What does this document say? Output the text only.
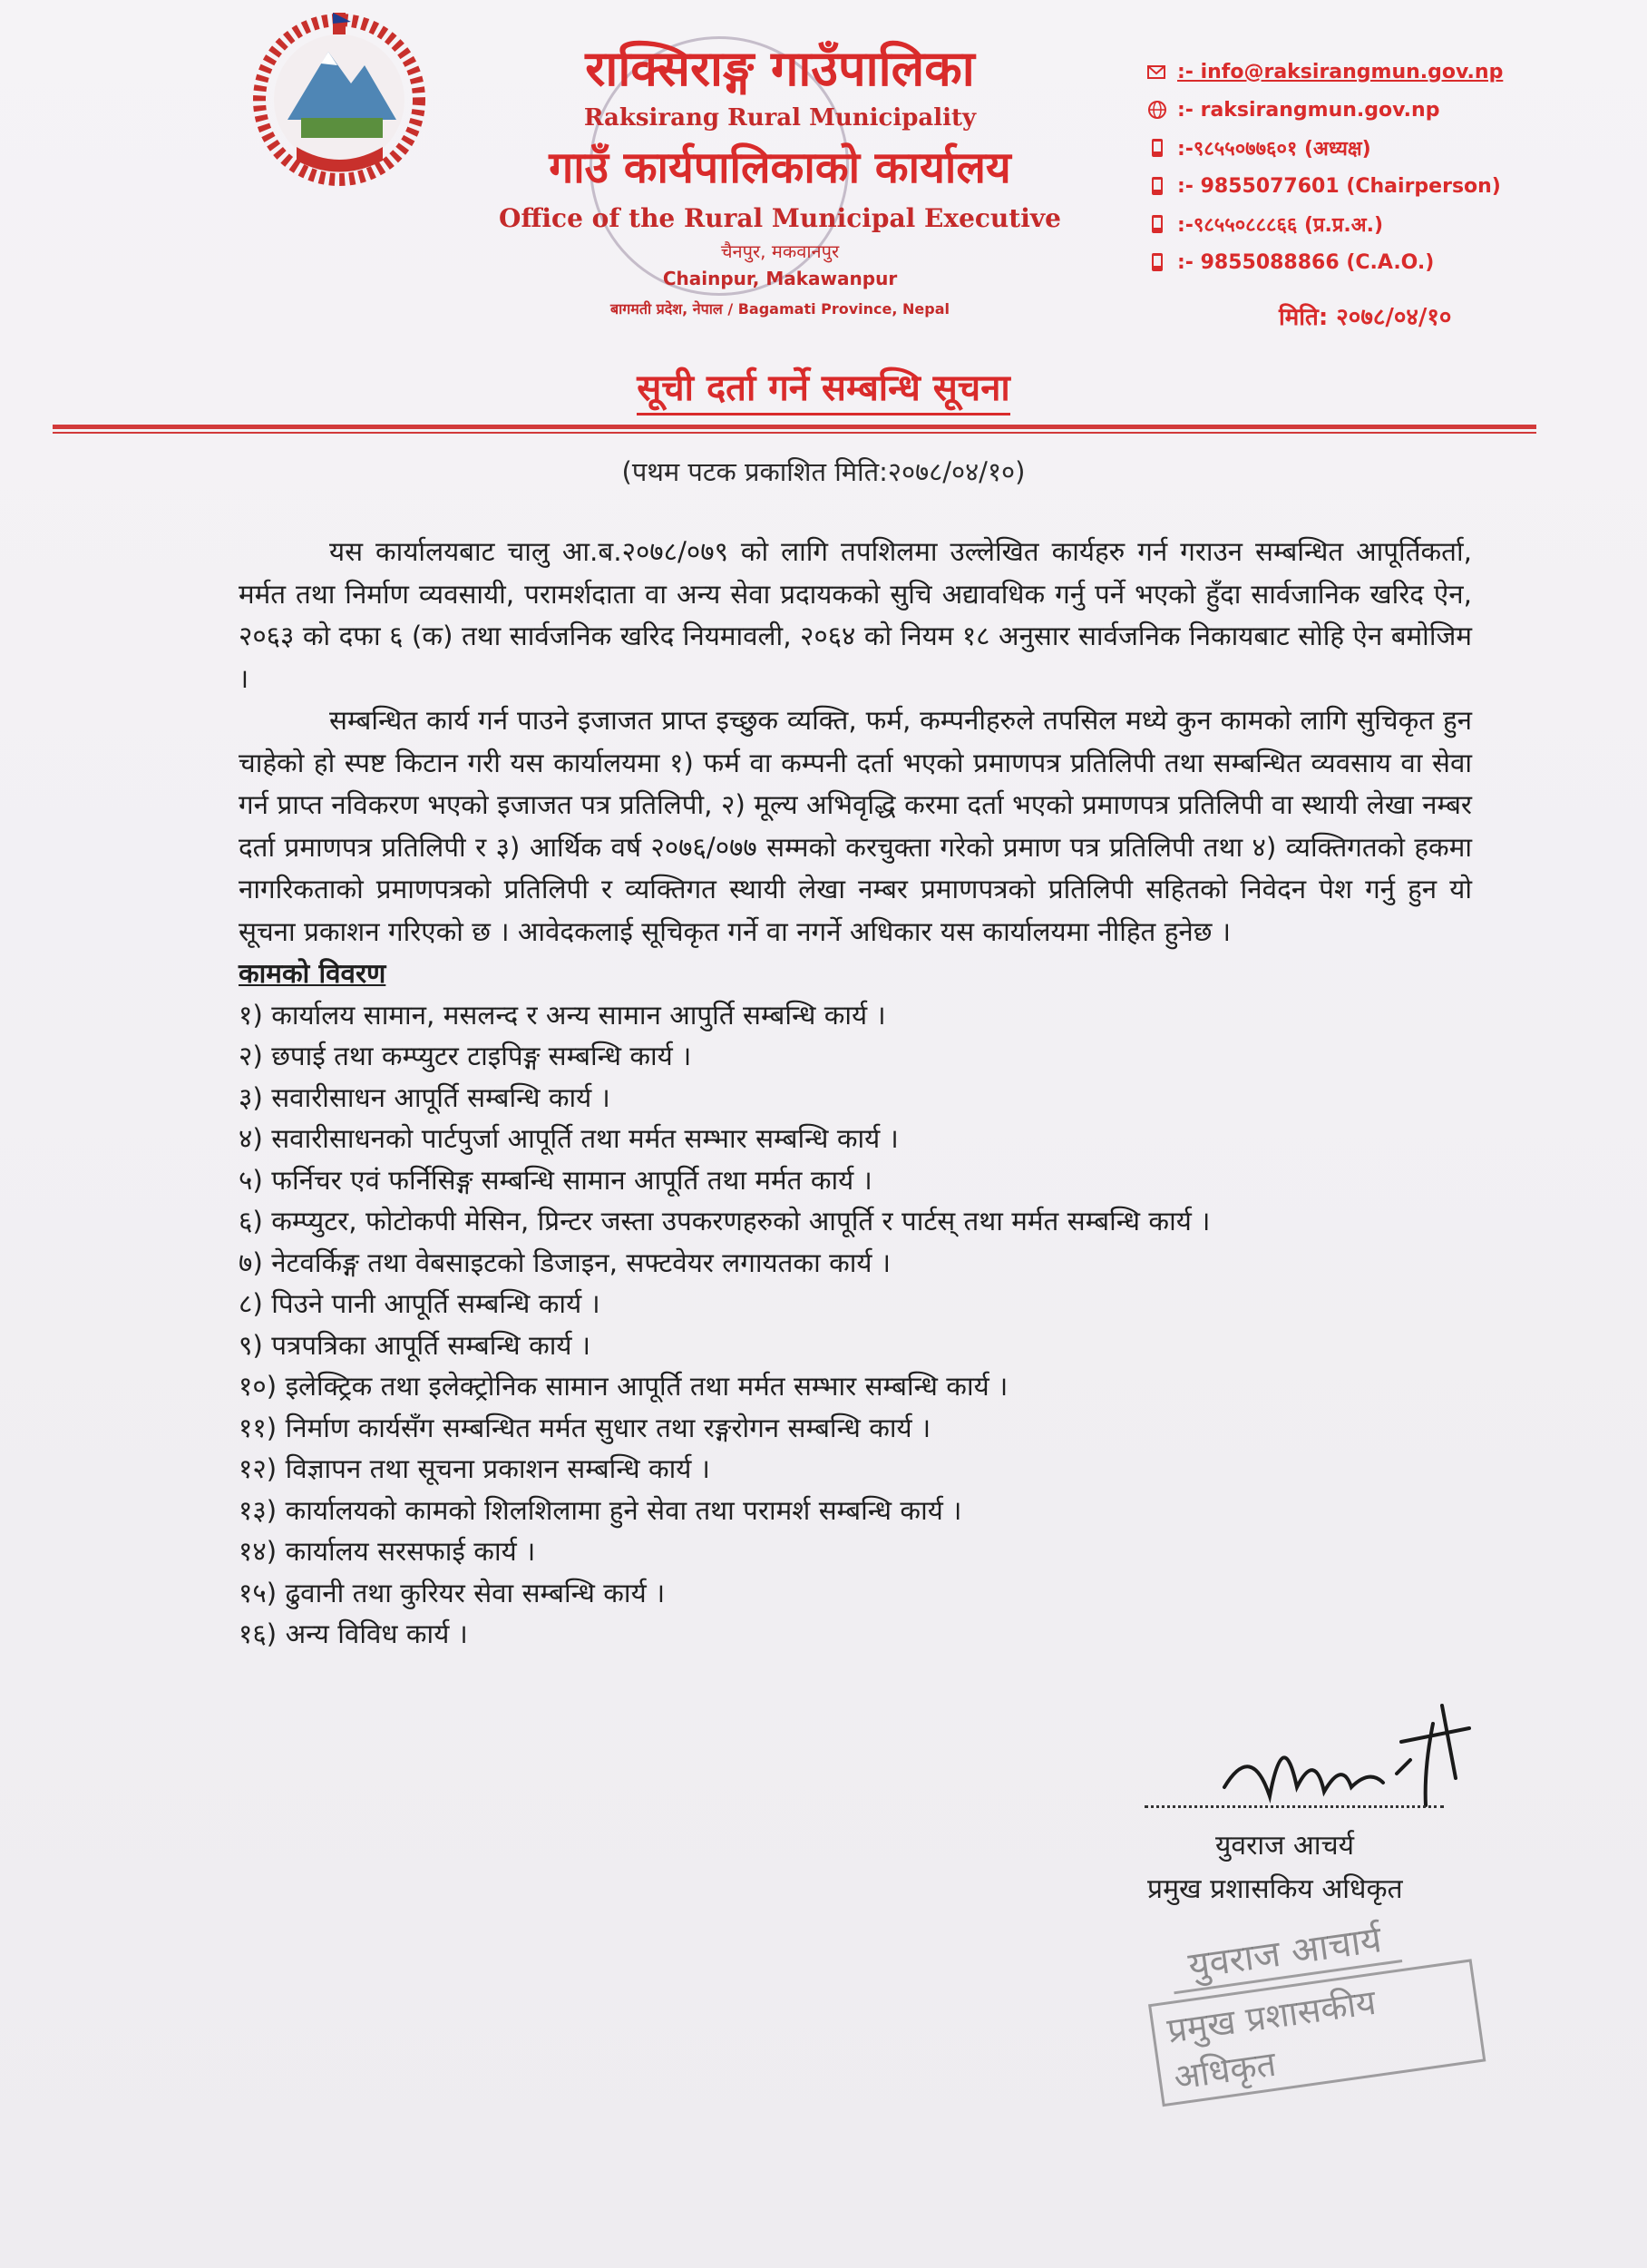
राक्सिराङ्ग गाउँपालिका
Raksirang Rural Municipality
गाउँ कार्यपालिकाको कार्यालय
Office of the Rural Municipal Executive
चैनपुर, मकवानपुर
Chainpur, Makawanpur
बागमती प्रदेश, नेपाल / Bagamati Province, Nepal
:- info@raksirangmun.gov.np
:- raksirangmun.gov.np
:-९८५५०७७६०१ (अध्यक्ष)
:- 9855077601 (Chairperson)
:-९८५५०८८८६६ (प्र.प्र.अ.)
:- 9855088866 (C.A.O.)
मिति: २०७८/०४/१०
सूची दर्ता गर्ने सम्बन्धि सूचना
(पथम पटक प्रकाशित मिति:२०७८/०४/१०)

यस कार्यालयबाट चालु आ.ब.२०७८/०७९ को लागि तपशिलमा उल्लेखित कार्यहरु गर्न गराउन सम्बन्धित आपूर्तिकर्ता, मर्मत तथा निर्माण व्यवसायी, परामर्शदाता वा अन्य सेवा प्रदायकको सुचि अद्यावधिक गर्नु पर्ने भएको हुँदा सार्वजानिक खरिद ऐन, २०६३ को दफा ६ (क) तथा सार्वजनिक खरिद नियमावली, २०६४ को नियम १८ अनुसार सार्वजनिक निकायबाट सोहि ऐन बमोजिम ।

सम्बन्धित कार्य गर्न पाउने इजाजत प्राप्त इच्छुक व्यक्ति, फर्म, कम्पनीहरुले तपसिल मध्ये कुन कामको लागि सुचिकृत हुन चाहेको हो स्पष्ट किटान गरी यस कार्यालयमा १) फर्म वा कम्पनी दर्ता भएको प्रमाणपत्र प्रतिलिपी तथा सम्बन्धित व्यवसाय वा सेवा गर्न प्राप्त नविकरण भएको इजाजत पत्र प्रतिलिपी, २) मूल्य अभिवृद्धि करमा दर्ता भएको प्रमाणपत्र प्रतिलिपी वा स्थायी लेखा नम्बर दर्ता प्रमाणपत्र प्रतिलिपी र ३) आर्थिक वर्ष २०७६/०७७ सम्मको करचुक्ता गरेको प्रमाण पत्र प्रतिलिपी तथा ४) व्यक्तिगतको हकमा नागरिकताको प्रमाणपत्रको प्रतिलिपी र व्यक्तिगत स्थायी लेखा नम्बर प्रमाणपत्रको प्रतिलिपी सहितको निवेदन पेश गर्नु हुन यो सूचना प्रकाशन गरिएको छ । आवेदकलाई सूचिकृत गर्ने वा नगर्ने अधिकार यस कार्यालयमा नीहित हुनेछ ।

कामको विवरण

१) कार्यालय सामान, मसलन्द र अन्य सामान आपुर्ति सम्बन्धि कार्य ।
२) छपाई तथा कम्प्युटर टाइपिङ्ग सम्बन्धि कार्य ।
३) सवारीसाधन आपूर्ति सम्बन्धि कार्य ।
४) सवारीसाधनको पार्टपुर्जा आपूर्ति तथा मर्मत सम्भार सम्बन्धि कार्य ।
५) फर्निचर एवं फर्निसिङ्ग सम्बन्धि सामान आपूर्ति तथा मर्मत कार्य ।
६) कम्प्युटर, फोटोकपी मेसिन, प्रिन्टर जस्ता उपकरणहरुको आपूर्ति र पार्टस् तथा मर्मत सम्बन्धि कार्य ।
७) नेटवर्किङ्ग तथा वेबसाइटको डिजाइन, सफ्टवेयर लगायतका कार्य ।
८) पिउने पानी आपूर्ति सम्बन्धि कार्य ।
९) पत्रपत्रिका आपूर्ति सम्बन्धि कार्य ।
१०) इलेक्ट्रिक तथा इलेक्ट्रोनिक सामान आपूर्ति तथा मर्मत सम्भार सम्बन्धि कार्य ।
११) निर्माण कार्यसँग सम्बन्धित मर्मत सुधार तथा रङ्गरोगन सम्बन्धि कार्य ।
१२) विज्ञापन तथा सूचना प्रकाशन सम्बन्धि कार्य ।
१३) कार्यालयको कामको शिलशिलामा हुने सेवा तथा परामर्श सम्बन्धि कार्य ।
१४) कार्यालय सरसफाई कार्य ।
१५) ढुवानी तथा कुरियर सेवा सम्बन्धि कार्य ।
१६) अन्य विविध कार्य ।
युवराज आचर्य
प्रमुख प्रशासकिय अधिकृत
युवराज आचार्य
प्रमुख प्रशासकीय अधिकृत
